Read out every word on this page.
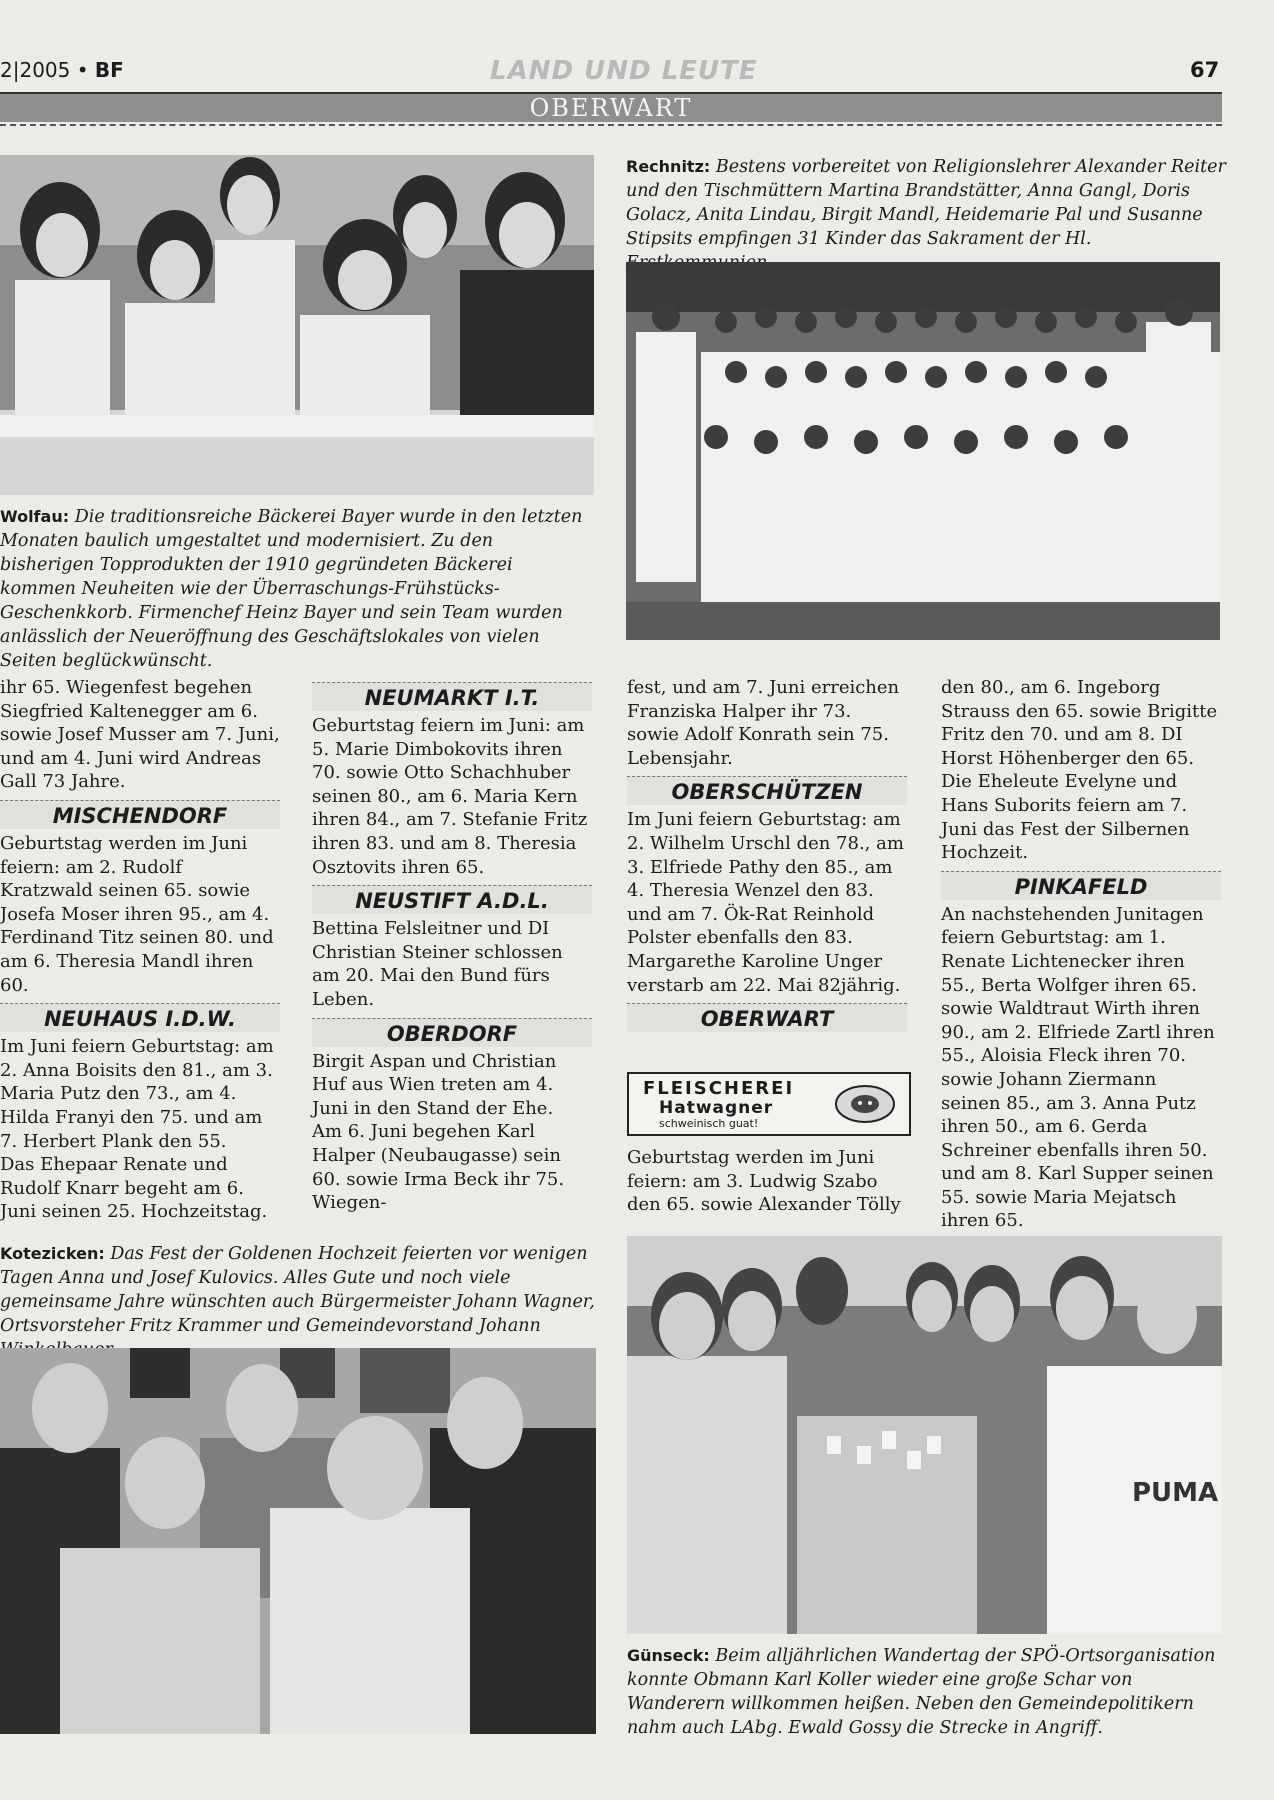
2|2005 • BF	LAND UND LEUTE	67
OBERWART
Wolfau: Die traditionsreiche Bäckerei Bayer wurde in den letzten Monaten baulich umgestaltet und modernisiert. Zu den bisherigen Topprodukten der 1910 gegründeten Bäckerei kommen Neuheiten wie der Überraschungs-Frühstücks-Geschenkkorb. Firmenchef Heinz Bayer und sein Team wurden anlässlich der Neueröffnung des Geschäftslokales von vielen Seiten beglückwünscht.
Rechnitz: Bestens vorbereitet von Religionslehrer Alexander Reiter und den Tischmüttern Martina Brandstätter, Anna Gangl, Doris Golacz, Anita Lindau, Birgit Mandl, Heidemarie Pal und Susanne Stipsits empfingen 31 Kinder das Sakrament der Hl.

ihr 65. Wiegenfest begehen Siegfried Kaltenegger am 6. sowie Josef Musser am 7. Juni, und am 4. Juni wird Andreas Gall 73 Jahre.

MISCHENDORF

Geburtstag werden im Juni feiern: am 2. Rudolf Kratzwald seinen 65. sowie Josefa Moser ihren 95., am 4. Ferdinand Titz seinen 80. und am 6. Theresia Mandl ihren 60.

NEUHAUS I.D.W.

Im Juni feiern Geburtstag: am 2. Anna Boisits den 81., am 3. Maria Putz den 73., am 4. Hilda Franyi den 75. und am 7. Herbert Plank den 55.

Das Ehepaar Renate und Rudolf Knarr begeht am 6. Juni seinen 25. Hochzeitstag.

NEUMARKT I.T.

Geburtstag feiern im Juni: am 5. Marie Dimbokovits ihren 70. sowie Otto Schachhuber seinen 80., am 6. Maria Kern ihren 84., am 7. Stefanie Fritz ihren 83. und am 8. Theresia Osztovits ihren 65.

NEUSTIFT A.D.L.

Bettina Felsleitner und DI Christian Steiner schlossen am 20. Mai den Bund fürs Leben.

OBERDORF

Birgit Aspan und Christian Huf aus Wien treten am 4. Juni in den Stand der Ehe.

Am 6. Juni begehen Karl Halper (Neubaugasse) sein 60. sowie Irma Beck ihr 75. Wiegen-

fest, und am 7. Juni erreichen Franziska Halper ihr 73. sowie Adolf Konrath sein 75. Lebensjahr.

OBERSCHÜTZEN

Im Juni feiern Geburtstag: am 2. Wilhelm Urschl den 78., am 3. Elfriede Pathy den 85., am 4. Theresia Wenzel den 83. und am 7. Ök-Rat Reinhold Polster ebenfalls den 83.

Margarethe Karoline Unger verstarb am 22. Mai 82jährig.

OBERWART
FLEISCHEREI
Hatwagner
schweinisch guat!

Geburtstag werden im Juni feiern: am 3. Ludwig Szabo den 65. sowie Alexander Tölly

den 80., am 6. Ingeborg Strauss den 65. sowie Brigitte Fritz den 70. und am 8. DI Horst Höhenberger den 65.

Die Eheleute Evelyne und Hans Suborits feiern am 7. Juni das Fest der Silbernen Hochzeit.

PINKAFELD

An nachstehenden Junitagen feiern Geburtstag: am 1. Renate Lichtenecker ihren 55., Berta Wolfger ihren 65. sowie Waldtraut Wirth ihren 90., am 2. Elfriede Zartl ihren 55., Aloisia Fleck ihren 70. sowie Johann Ziermann seinen 85., am 3. Anna Putz ihren 50., am 6. Gerda Schreiner ebenfalls ihren 50. und am 8. Karl Supper seinen 55. sowie Maria Mejatsch ihren 65.

Kotezicken: Das Fest der Goldenen Hochzeit feierten vor wenigen Tagen Anna und Josef Kulovics. Alles Gute und noch viele gemeinsame Jahre wünschten auch Bürgermeister Johann Wagner, Ortsvorsteher Fritz Krammer und Gemeindevorstand Johann
PUMA
Günseck: Beim alljährlichen Wandertag der SPÖ-Ortsorganisation konnte Obmann Karl Koller wieder eine große Schar von Wanderern willkommen heißen. Neben den Gemeindepolitikern nahm auch LAbg. Ewald Gossy die Strecke in Angriff.
